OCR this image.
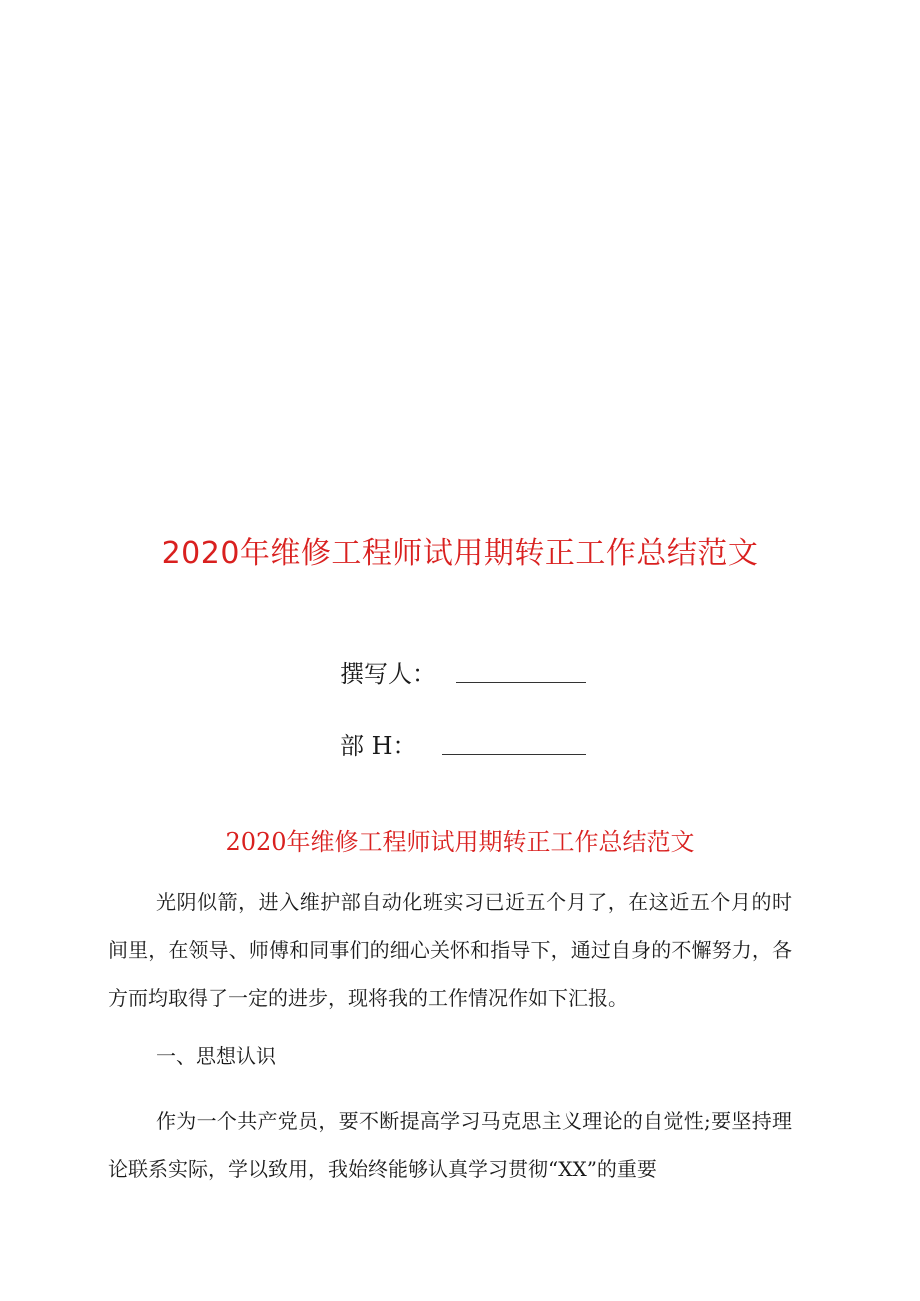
2020年维修工程师试用期转正工作总结范文
撰写人：
部 H：
2020年维修工程师试用期转正工作总结范文

光阴似箭，进入维护部自动化班实习已近五个月了，在这近五个月的时间里，在领导、师傅和同事们的细心关怀和指导下，通过自身的不懈努力，各方而均取得了一定的进步，现将我的工作情况作如下汇报。

一、思想认识

作为一个共产党员，要不断提高学习马克思主义理论的自觉性;要坚持理论联系实际，学以致用，我始终能够认真学习贯彻“XX”的重要
